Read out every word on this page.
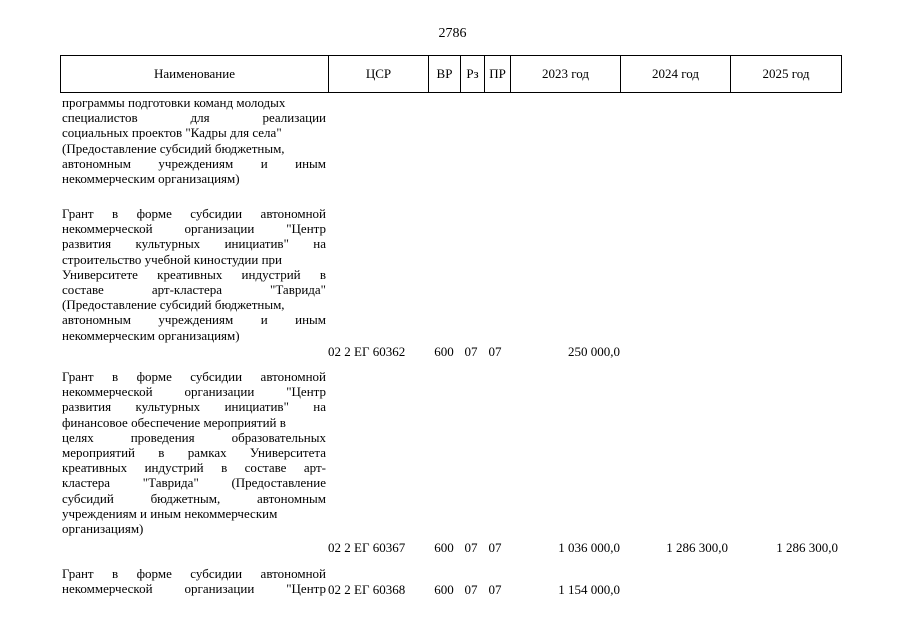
2786
Наименование	ЦСР	ВР	Рз ПР	2023 год	2024 год	2025 год
программы подготовки команд молодых
специалистов для реализации
социальных проектов "Кадры для села"
(Предоставление субсидий бюджетным,
автономным учреждениям и иным
некоммерческим организациям)
Грант в форме субсидии автономной
некоммерческой организации "Центр
развития культурных инициатив" на
строительство учебной киностудии при
Университете креативных индустрий в
составе арт-кластера "Таврида"
(Предоставление субсидий бюджетным,
автономным учреждениям и иным
некоммерческим организациям)
02 2 ЕГ 60362	600 07 07	250 000,0
Грант в форме субсидии автономной
некоммерческой организации "Центр
развития культурных инициатив" на
финансовое обеспечение мероприятий в
целях проведения образовательных
мероприятий в рамках Университета
креативных индустрий в составе арт-
кластера "Таврида" (Предоставление
субсидий бюджетным, автономным
учреждениям и иным некоммерческим
организациям)
02 2 ЕГ 60367	600 07 07	1 036 000,0	1 286 300,0	1 286 300,0
Грант в форме субсидии автономной
некоммерческой организации "Центр 02 2 ЕГ 60368	600 07 07	1 154 000,0
